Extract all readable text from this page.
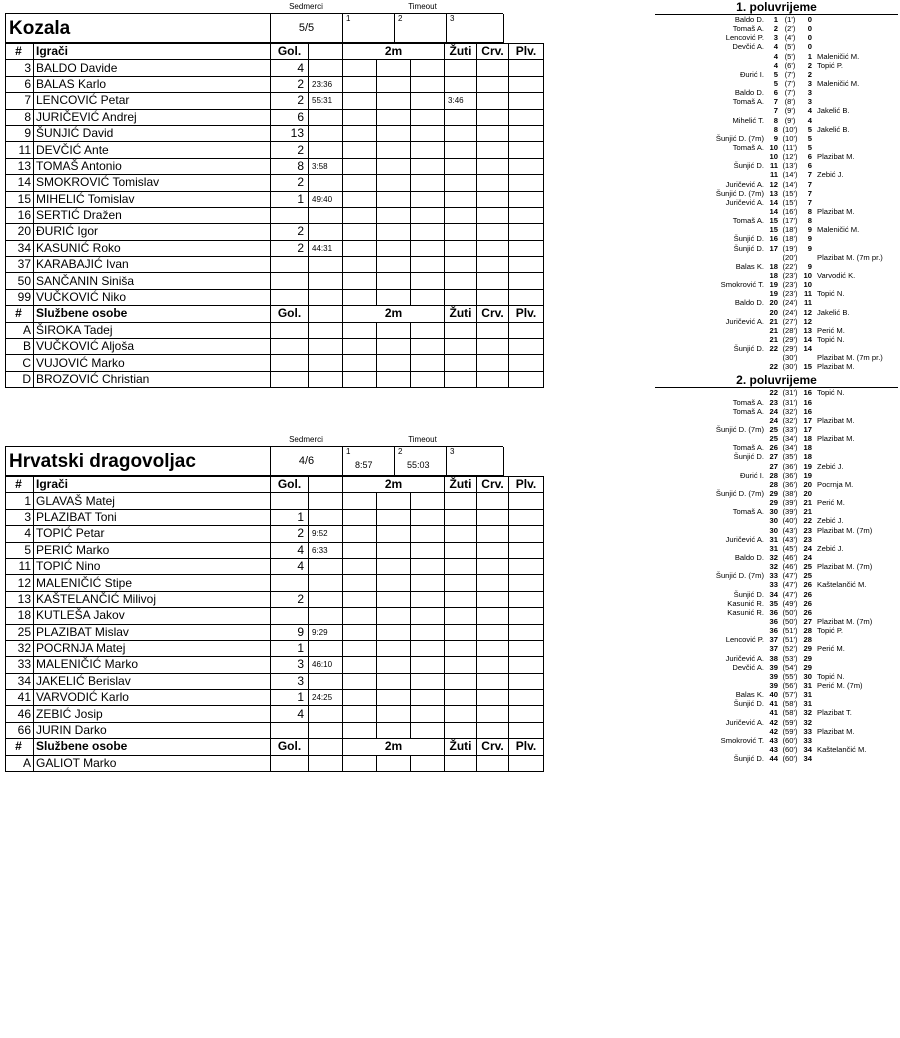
Sedmerci	Timeout
Kozala	5/5
1	2	3
#	Igrači	Gol.		2m			Žuti	Crv.	Plv.
3	BALDO Davide	4							
6	BALAS Karlo	2	23:36						
7	LENCOVIĆ Petar	2	55:31				3:46		
8	JURIČEVIĆ Andrej	6							
9	ŠUNJIĆ David	13							
11	DEVČIĆ Ante	2							
13	TOMAŠ Antonio	8	3:58						
14	SMOKROVIĆ Tomislav	2							
15	MIHELIĆ Tomislav	1	49:40						
16	SERTIĆ Dražen								
20	ĐURIĆ Igor	2							
34	KASUNIĆ Roko	2	44:31						
37	KARABAJIĆ Ivan								
50	SANČANIN Siniša								
99	VUČKOVIĆ Niko								
#	Službene osobe	Gol.		2m			Žuti	Crv.	Plv.
A	ŠIROKA Tadej								
B	VUČKOVIĆ Aljoša								
C	VUJOVIĆ Marko								
D	BROZOVIĆ Christian								
Sedmerci	Timeout
Hrvatski dragovoljac	4/6
1
8:57
2
55:03
3
#	Igrači	Gol.		2m			Žuti	Crv.	Plv.
1	GLAVAŠ Matej								
3	PLAZIBAT Toni	1							
4	TOPIĆ Petar	2	9:52						
5	PERIĆ Marko	4	6:33						
11	TOPIĆ Nino	4							
12	MALENIČIĆ Stipe								
13	KAŠTELANČIĆ Milivoj	2							
18	KUTLEŠA Jakov								
25	PLAZIBAT Mislav	9	9:29						
32	POCRNJA Matej	1							
33	MALENIČIĆ Marko	3	46:10						
34	JAKELIĆ Berislav	3							
41	VARVODIĆ Karlo	1	24:25						
46	ZEBIĆ Josip	4							
66	JURIN Darko								
#	Službene osobe	Gol.		2m			Žuti	Crv.	Plv.
A	GALIOT Marko								
1. poluvrijeme
Baldo D.	1 (1')	0
Tomaš A.	2 (2')	0
Lencović P.	3 (4')	0
Devčić A.	4 (5')	0
4 (5')	1 Maleničić M.
4 (6')	2 Topić P.
Đurić I.	5 (7')	2
5 (7')	3 Maleničić M.
Baldo D.	6 (7')	3
Tomaš A.	7 (8')	3
7 (9')	4 Jakelić B.
Mihelić T.	8 (9')	4
8 (10')	5 Jakelić B.
Šunjić D. (7m)	9 (10')	5
Tomaš A. 10 (11')	5
10 (12')	6 Plazibat M.
Šunjić D. 11 (13')	6
11 (14')	7 Zebić J.
Juričević A. 12 (14')	7
Šunjić D. (7m) 13 (15')	7
Juričević A. 14 (15')	7
14 (16')	8 Plazibat M.
Tomaš A. 15 (17')	8
15 (18')	9 Maleničić M.
Šunjić D. 16 (18')	9
Šunjić D. 17 (19')	9
(20')	Plazibat M. (7m pr.)
Balas K. 18 (22')	9
18 (23') 10 Varvodić K.
Smokrović T. 19 (23') 10
19 (23') 11 Topić N.
Baldo D. 20 (24') 11
20 (24') 12 Jakelić B.
Juričević A. 21 (27') 12
21 (28') 13 Perić M.
21 (29') 14 Topić N.
Šunjić D. 22 (29') 14
(30')	Plazibat M. (7m pr.)
22 (30') 15 Plazibat M.
2. poluvrijeme
22 (31') 16 Topić N.
Tomaš A. 23 (31') 16
Tomaš A. 24 (32') 16
24 (32') 17 Plazibat M.
Šunjić D. (7m) 25 (33') 17
25 (34') 18 Plazibat M.
Tomaš A. 26 (34') 18
Šunjić D. 27 (35') 18
27 (36') 19 Zebić J.
Đurić I. 28 (36') 19
28 (36') 20 Pocrnja M.
Šunjić D. (7m) 29 (38') 20
29 (39') 21 Perić M.
Tomaš A. 30 (39') 21
30 (40') 22 Zebić J.
30 (43') 23 Plazibat M. (7m)
Juričević A. 31 (43') 23
31 (45') 24 Zebić J.
Baldo D. 32 (46') 24
32 (46') 25 Plazibat M. (7m)
Šunjić D. (7m) 33 (47') 25
33 (47') 26 Kaštelančić M.
Šunjić D. 34 (47') 26
Kasunić R. 35 (49') 26
Kasunić R. 36 (50') 26
36 (50') 27 Plazibat M. (7m)
36 (51') 28 Topić P.
Lencović P. 37 (51') 28
37 (52') 29 Perić M.
Juričević A. 38 (53') 29
Devčić A. 39 (54') 29
39 (55') 30 Topić N.
39 (56') 31 Perić M. (7m)
Balas K. 40 (57') 31
Šunjić D. 41 (58') 31
41 (58') 32 Plazibat T.
Juričević A. 42 (59') 32
42 (59') 33 Plazibat M.
Smokrović T. 43 (60') 33
43 (60') 34 Kaštelančić M.
Šunjić D. 44 (60') 34
